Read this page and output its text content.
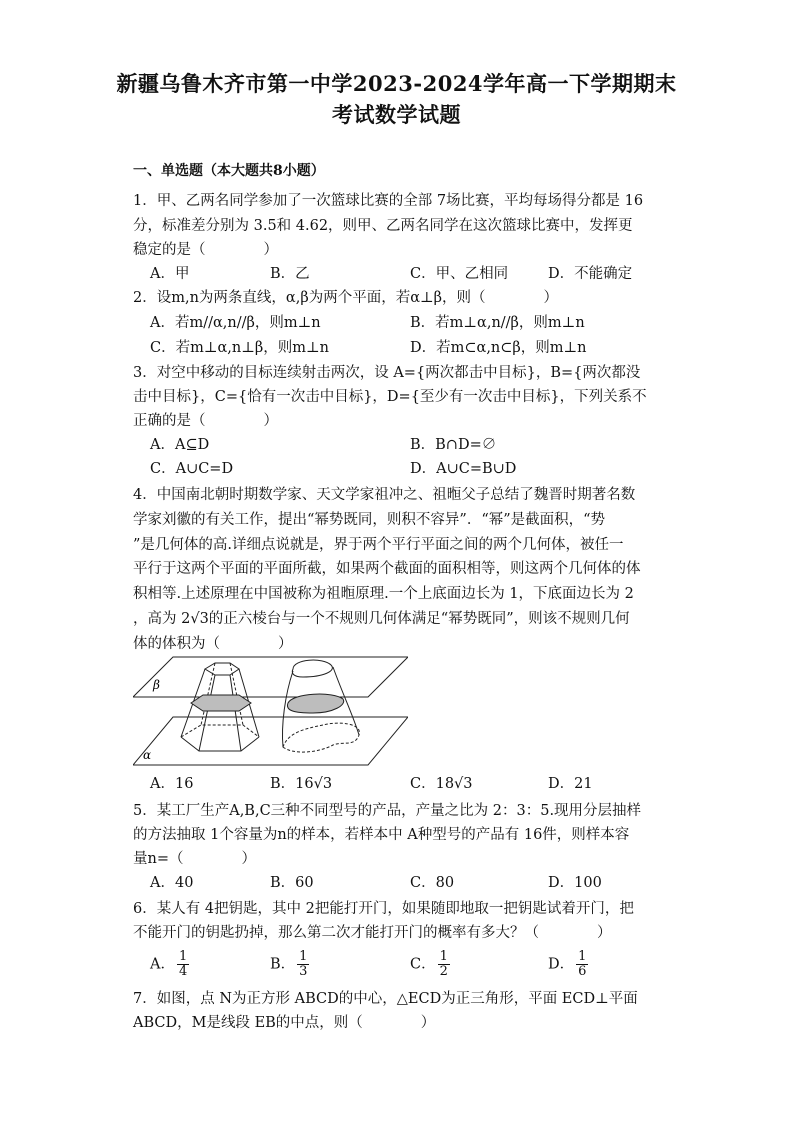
新疆乌鲁木齐市第一中学2023-2024学年高一下学期期末
考试数学试题
一、单选题（本大题共8小题）
1．甲、乙两名同学参加了一次篮球比赛的全部 7场比赛，平均每场得分都是 16
分，标准差分别为 3.5和 4.62，则甲、乙两名同学在这次篮球比赛中，发挥更
稳定的是（　　　　）
A．甲	B．乙	C．甲、乙相同	D．不能确定
2．设m,n为两条直线，α,β为两个平面，若α⊥β，则（　　　　）
A．若m//α,n//β，则m⊥n	B．若m⊥α,n//β，则m⊥n
C．若m⊥α,n⊥β，则m⊥n	D．若m⊂α,n⊂β，则m⊥n
3．对空中移动的目标连续射击两次，设 A={两次都击中目标}，B={两次都没
击中目标}，C={恰有一次击中目标}，D={至少有一次击中目标}，下列关系不
正确的是（　　　　）
A．A⊆D	B．B∩D=∅
C．A∪C=D	D．A∪C=B∪D
4．中国南北朝时期数学家、天文学家祖冲之、祖暅父子总结了魏晋时期著名数
学家刘徽的有关工作，提出“幂势既同，则积不容异”．“幂”是截面积，“势
”是几何体的高.详细点说就是，界于两个平行平面之间的两个几何体，被任一
平行于这两个平面的平面所截，如果两个截面的面积相等，则这两个几何体的体
积相等.上述原理在中国被称为祖暅原理.一个上底面边长为 1，下底面边长为 2
，高为 2√3的正六棱台与一个不规则几何体满足“幂势既同”，则该不规则几何
体的体积为（　　　　）
β
α
A．16	B．16√3	C．18√3	D．21
5．某工厂生产A,B,C三种不同型号的产品，产量之比为 2：3：5.现用分层抽样
的方法抽取 1个容量为n的样本，若样本中 A种型号的产品有 16件，则样本容
量n=（　　　　）
A．40	B．60	C．80	D．100
6．某人有 4把钥匙，其中 2把能打开门，如果随即地取一把钥匙试着开门，把
不能开门的钥匙扔掉，那么第二次才能打开门的概率有多大？（　　　　）
A． $\frac{1}{4}$	B． $\frac{1}{3}$	C． $\frac{1}{2}$	D． $\frac{1}{6}$
7．如图，点 N为正方形 ABCD的中心，△ECD为正三角形，平面 ECD⊥平面
ABCD，M是线段 EB的中点，则（　　　　）
